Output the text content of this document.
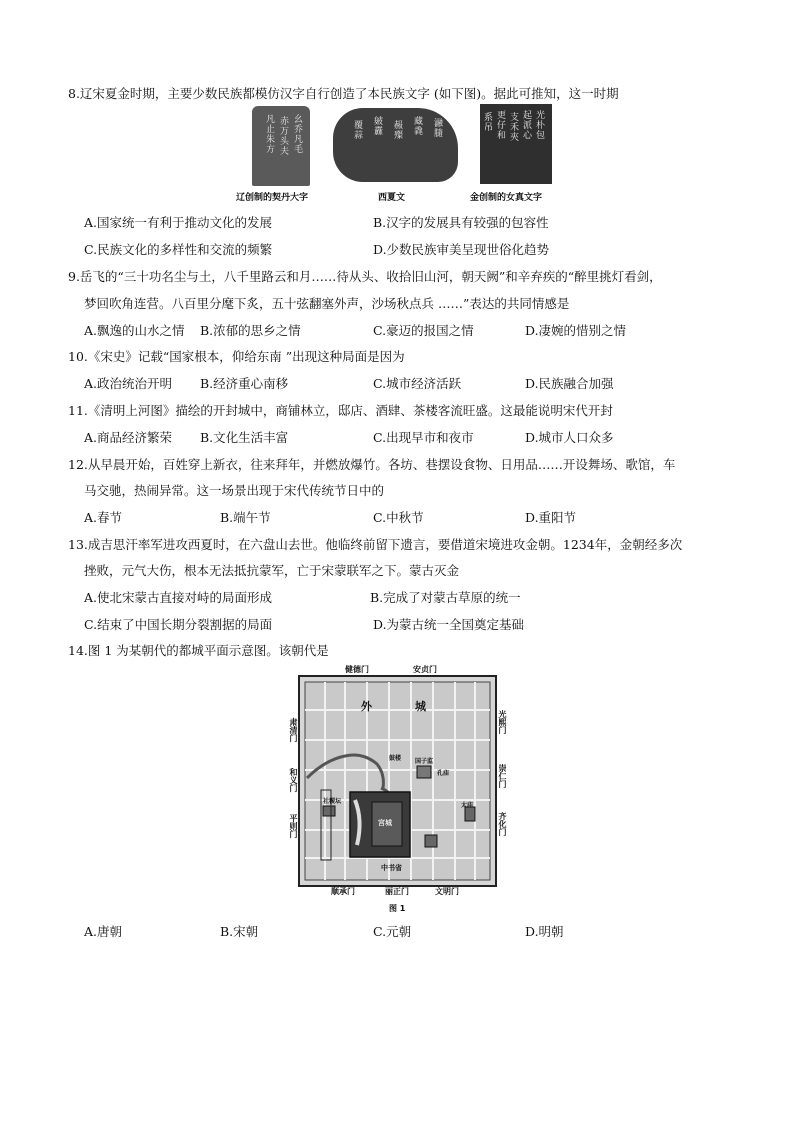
8.辽宋夏金时期，主要少数民族都模仿汉字自行创造了本民族文字 (如下图)。据此可推知，这一时期
幺乔凡毛
赤万头夫
凡止朱方	瀜膸
藏毳
赧殩
皴纛
覆蒜	光朴包
起派心
支禾夾
更仔和
系吊
辽创制的契丹大字	西夏文	金创制的女真文字
A.国家统一有利于推动文化的发展	B.汉字的发展具有较强的包容性
C.民族文化的多样性和交流的频繁	D.少数民族审美呈现世俗化趋势
9.岳飞的“三十功名尘与土，八千里路云和月……待从头、收拾旧山河，朝天阙”和辛弃疾的“醉里挑灯看剑，
梦回吹角连营。八百里分麾下炙，五十弦翻塞外声，沙场秋点兵 ……”表达的共同情感是
A.飘逸的山水之情 B.浓郁的思乡之情	C.豪迈的报国之情	D.凄婉的惜别之情
10.《宋史》记载“国家根本，仰给东南 ”出现这种局面是因为
A.政治统治开明 B.经济重心南移	C.城市经济活跃	D.民族融合加强
11.《清明上河图》描绘的开封城中，商铺林立，邸店、酒肆、茶楼客流旺盛。这最能说明宋代开封
A.商品经济繁荣 B.文化生活丰富	C.出现早市和夜市	D.城市人口众多
12.从早晨开始，百姓穿上新衣，往来拜年，并燃放爆竹。各坊、巷摆设食物、日用品……开设舞场、歌馆，车
马交驰，热闹异常。这一场景出现于宋代传统节日中的
A.春节	B.端午节	C.中秋节	D.重阳节
13.成吉思汗率军进攻西夏时，在六盘山去世。他临终前留下遗言，要借道宋境进攻金朝。1234年，金朝经多次
挫败，元气大伤，根本无法抵抗蒙军，亡于宋蒙联军之下。蒙古灭金
A.使北宋蒙古直接对峙的局面形成	B.完成了对蒙古草原的统一
C.结束了中国长期分裂割据的局面	D.为蒙古统一全国奠定基础
14.图 1 为某朝代的都城平面示意图。该朝代是
健德门	安贞门
肃清门
和义门
平则门
光熙门
崇仁门
齐化门
顺承门	丽正门	文明门
外	城
太庙
社稷坛
中书省
宫城
孔庙
国子监
鼓楼
图 1
A.唐朝	B.宋朝	C.元朝	D.明朝
